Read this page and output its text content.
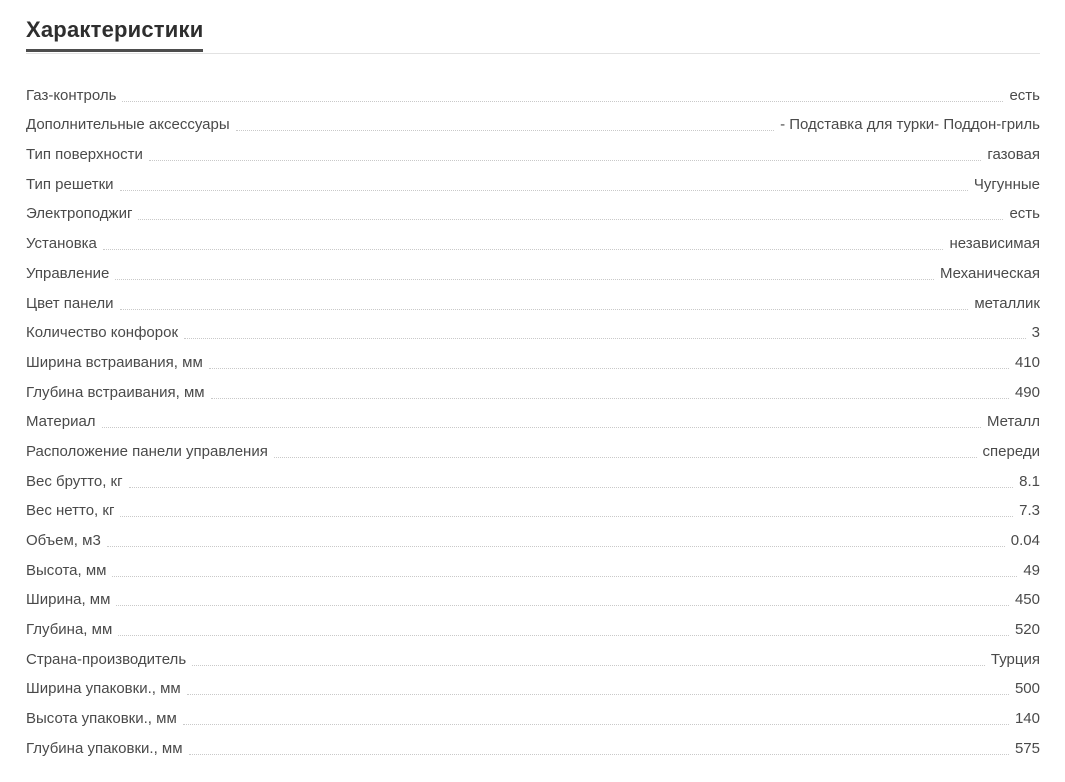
Характеристики
Газ-контроль	есть
Дополнительные аксессуары	- Подставка для турки- Поддон-гриль
Тип поверхности	газовая
Тип решетки	Чугунные
Электроподжиг	есть
Установка	независимая
Управление	Механическая
Цвет панели	металлик
Количество конфорок	3
Ширина встраивания, мм	410
Глубина встраивания, мм	490
Материал	Металл
Расположение панели управления	спереди
Вес брутто, кг	8.1
Вес нетто, кг	7.3
Объем, м3	0.04
Высота, мм	49
Ширина, мм	450
Глубина, мм	520
Страна-производитель	Турция
Ширина упаковки., мм	500
Высота упаковки., мм	140
Глубина упаковки., мм	575
